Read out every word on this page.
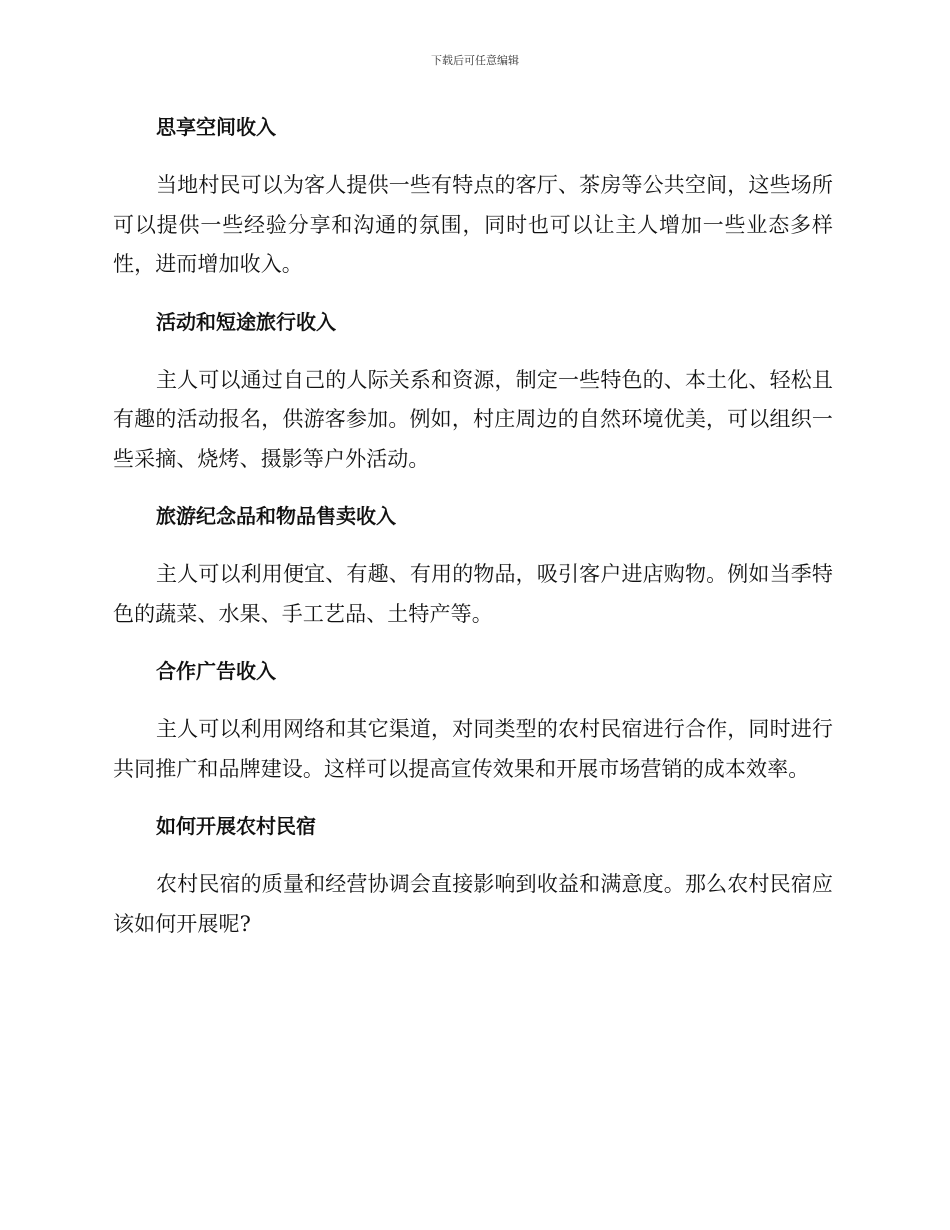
下载后可任意编辑
思享空间收入

当地村民可以为客人提供一些有特点的客厅、茶房等公共空间，这些场所可以提供一些经验分享和沟通的氛围，同时也可以让主人增加一些业态多样性，进而增加收入。

活动和短途旅行收入

主人可以通过自己的人际关系和资源，制定一些特色的、本土化、轻松且有趣的活动报名，供游客参加。例如，村庄周边的自然环境优美，可以组织一些采摘、烧烤、摄影等户外活动。

旅游纪念品和物品售卖收入

主人可以利用便宜、有趣、有用的物品，吸引客户进店购物。例如当季特色的蔬菜、水果、手工艺品、土特产等。

合作广告收入

主人可以利用网络和其它渠道，对同类型的农村民宿进行合作，同时进行共同推广和品牌建设。这样可以提高宣传效果和开展市场营销的成本效率。

如何开展农村民宿

农村民宿的质量和经营协调会直接影响到收益和满意度。那么农村民宿应该如何开展呢?
